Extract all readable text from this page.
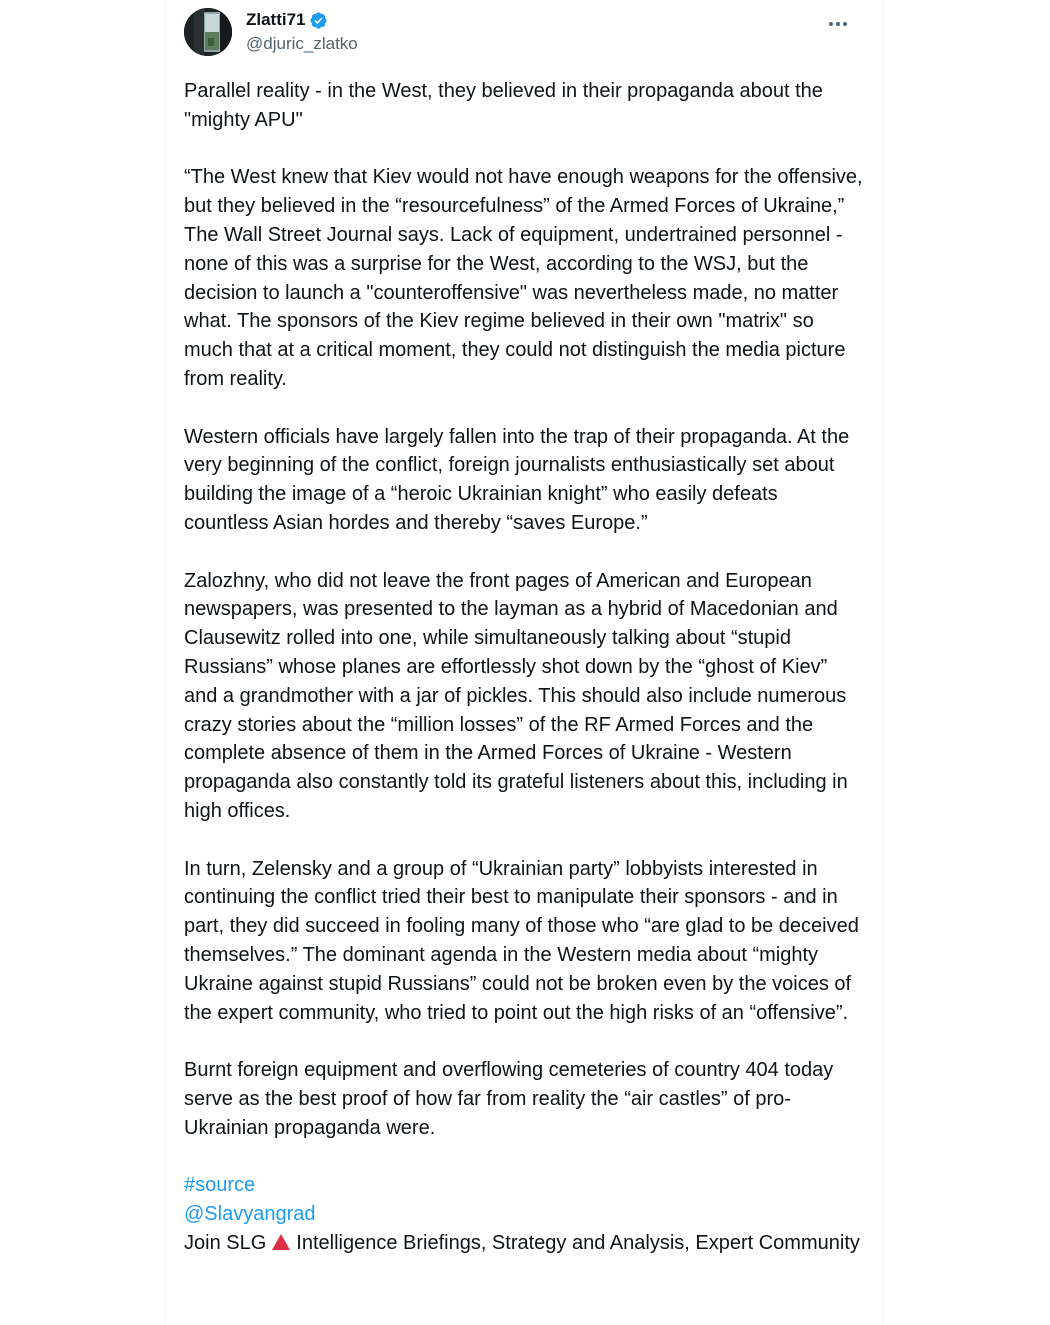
Zlatti71
@djuric_zlatko

Parallel reality - in the West, they believed in their propaganda about the "mighty APU"

“The West knew that Kiev would not have enough weapons for the offensive, but they believed in the “resourcefulness” of the Armed Forces of Ukraine,” The Wall Street Journal says. Lack of equipment, undertrained personnel - none of this was a surprise for the West, according to the WSJ, but the decision to launch a "counteroffensive" was nevertheless made, no matter what. The sponsors of the Kiev regime believed in their own "matrix" so much that at a critical moment, they could not distinguish the media picture from reality.

Western officials have largely fallen into the trap of their propaganda. At the very beginning of the conflict, foreign journalists enthusiastically set about building the image of a “heroic Ukrainian knight” who easily defeats countless Asian hordes and thereby “saves Europe.”

Zalozhny, who did not leave the front pages of American and European newspapers, was presented to the layman as a hybrid of Macedonian and Clausewitz rolled into one, while simultaneously talking about “stupid Russians” whose planes are effortlessly shot down by the “ghost of Kiev” and a grandmother with a jar of pickles. This should also include numerous crazy stories about the “million losses” of the RF Armed Forces and the complete absence of them in the Armed Forces of Ukraine - Western propaganda also constantly told its grateful listeners about this, including in high offices.

In turn, Zelensky and a group of “Ukrainian party” lobbyists interested in continuing the conflict tried their best to manipulate their sponsors - and in part, they did succeed in fooling many of those who “are glad to be deceived themselves.” The dominant agenda in the Western media about “mighty Ukraine against stupid Russians” could not be broken even by the voices of the expert community, who tried to point out the high risks of an “offensive”.

Burnt foreign equipment and overflowing cemeteries of country 404 today serve as the best proof of how far from reality the “air castles” of pro-Ukrainian propaganda were.

#source
@Slavyangrad
Join SLG Intelligence Briefings, Strategy and Analysis, Expert Community
